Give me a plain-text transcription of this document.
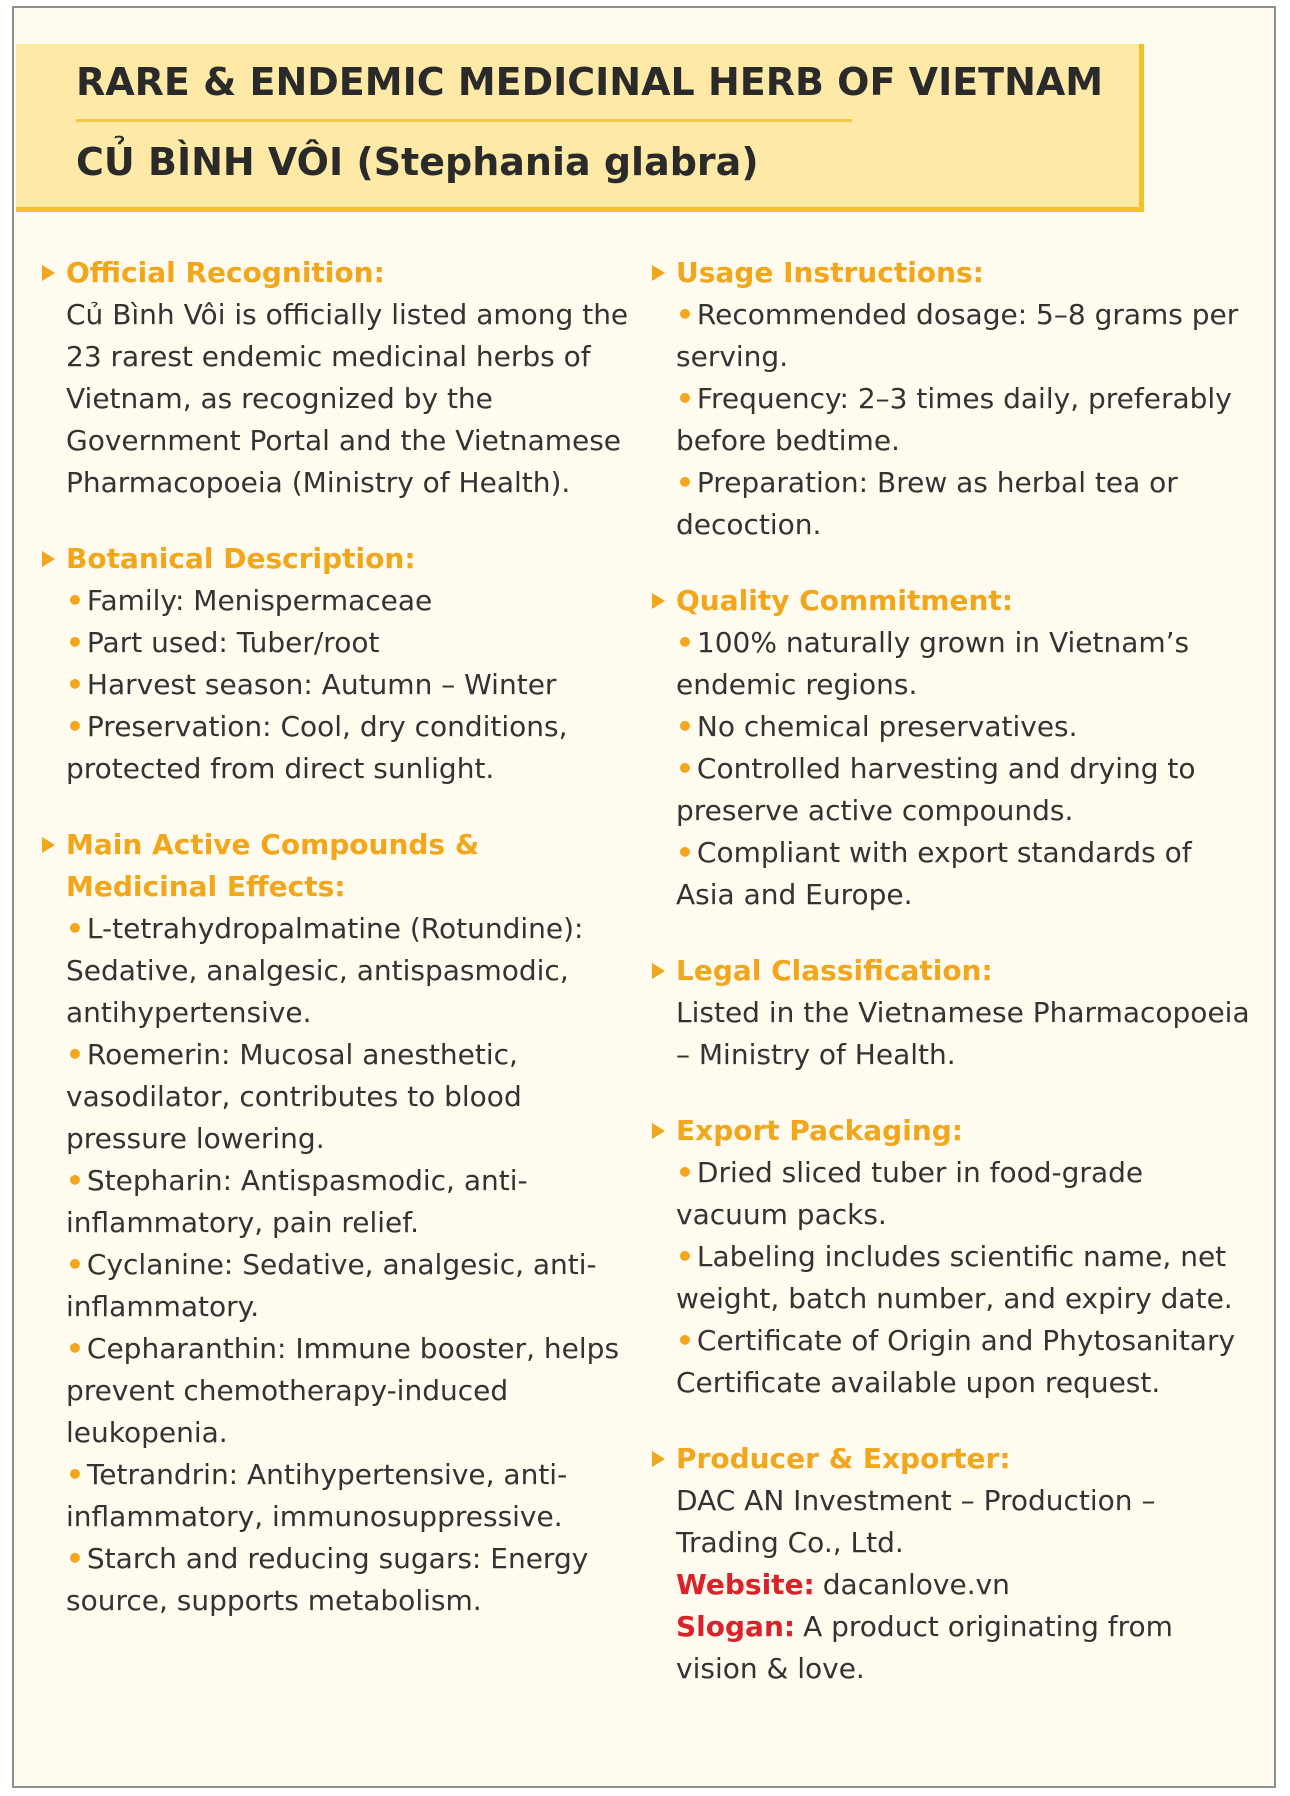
RARE & ENDEMIC MEDICINAL HERB OF VIETNAM
CỦ BÌNH VÔI (Stephania glabra)
Official Recognition:
Củ Bình Vôi is officially listed among the 23 rarest endemic medicinal herbs of Vietnam, as recognized by the Government Portal and the Vietnamese Pharmacopoeia (Ministry of Health).
Botanical Description:
• Family: Menispermaceae
• Part used: Tuber/root
• Harvest season: Autumn – Winter
• Preservation: Cool, dry conditions, protected from direct sunlight.
Main Active Compounds & Medicinal Effects:
• L-tetrahydropalmatine (Rotundine): Sedative, analgesic, antispasmodic, antihypertensive.
• Roemerin: Mucosal anesthetic, vasodilator, contributes to blood pressure lowering.
• Stepharin: Antispasmodic, anti-inflammatory, pain relief.
• Cyclanine: Sedative, analgesic, anti-inflammatory.
• Cepharanthin: Immune booster, helps prevent chemotherapy-induced leukopenia.
• Tetrandrin: Antihypertensive, anti-inflammatory, immunosuppressive.
• Starch and reducing sugars: Energy source, supports metabolism.
Usage Instructions:
• Recommended dosage: 5–8 grams per serving.
• Frequency: 2–3 times daily, preferably before bedtime.
• Preparation: Brew as herbal tea or decoction.
Quality Commitment:
• 100% naturally grown in Vietnam’s endemic regions.
• No chemical preservatives.
• Controlled harvesting and drying to preserve active compounds.
• Compliant with export standards of Asia and Europe.
Legal Classification:
Listed in the Vietnamese Pharmacopoeia – Ministry of Health.
Export Packaging:
• Dried sliced tuber in food-grade vacuum packs.
• Labeling includes scientific name, net weight, batch number, and expiry date.
• Certificate of Origin and Phytosanitary Certificate available upon request.
Producer & Exporter:
DAC AN Investment – Production – Trading Co., Ltd.
Website: dacanlove.vn
Slogan: A product originating from vision & love.
